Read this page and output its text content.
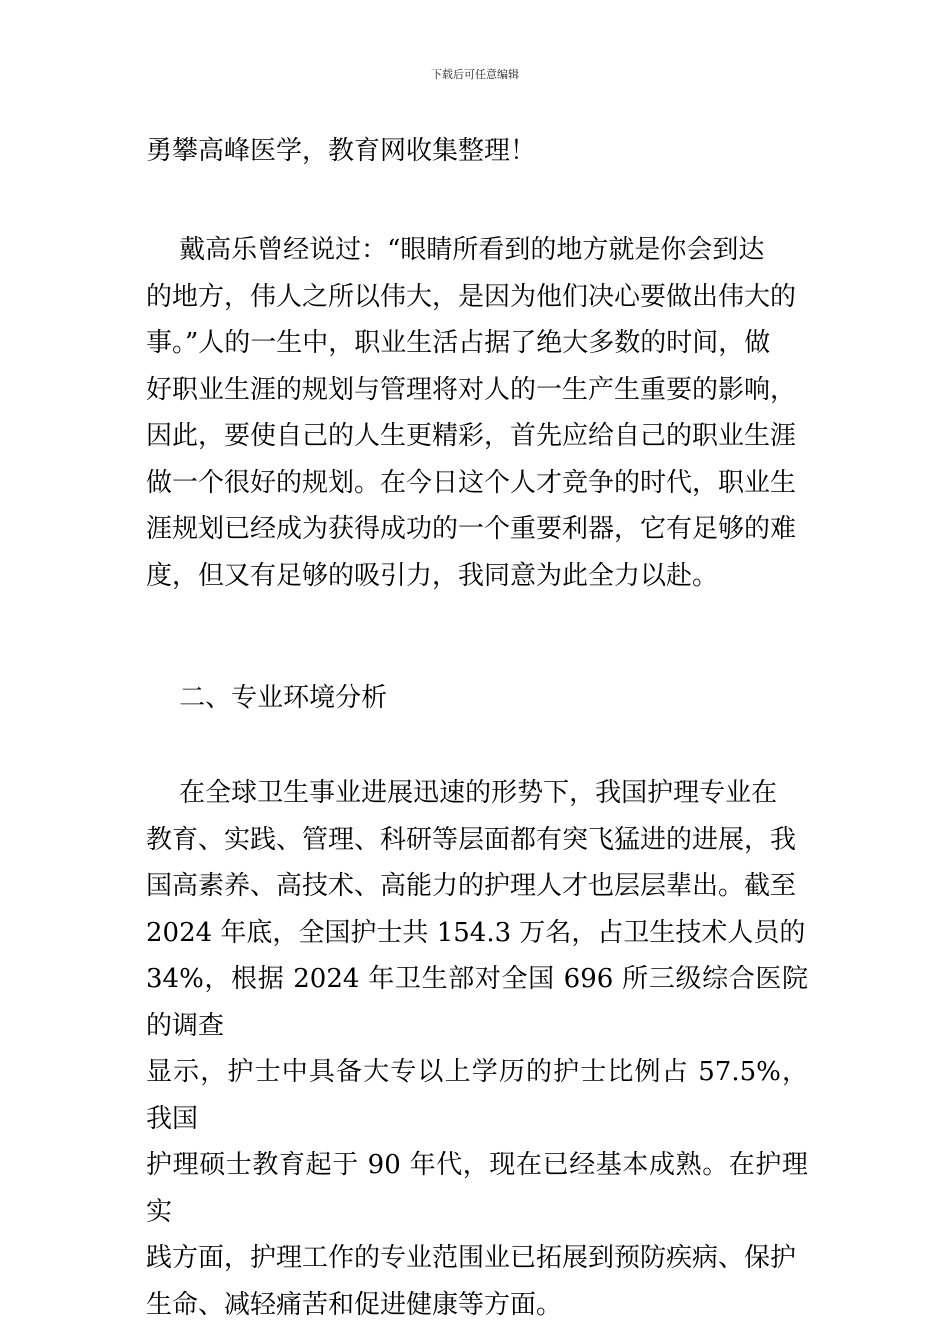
下载后可任意编辑

勇攀高峰医学，教育网收集整理！

戴高乐曾经说过：“眼睛所看到的地方就是你会到达
的地方，伟人之所以伟大，是因为他们决心要做出伟大的
事。”人的一生中，职业生活占据了绝大多数的时间，做
好职业生涯的规划与管理将对人的一生产生重要的影响，
因此，要使自己的人生更精彩，首先应给自己的职业生涯
做一个很好的规划。在今日这个人才竞争的时代，职业生
涯规划已经成为获得成功的一个重要利器，它有足够的难
度，但又有足够的吸引力，我同意为此全力以赴。

二、专业环境分析

在全球卫生事业进展迅速的形势下，我国护理专业在
教育、实践、管理、科研等层面都有突飞猛进的进展，我
国高素养、高技术、高能力的护理人才也层层辈出。截至
2024 年底，全国护士共 154.3 万名，占卫生技术人员的
34%，根据 2024 年卫生部对全国 696 所三级综合医院的调查
显示，护士中具备大专以上学历的护士比例占 57.5%，我国
护理硕士教育起于 90 年代，现在已经基本成熟。在护理实
践方面，护理工作的专业范围业已拓展到预防疾病、保护
生命、减轻痛苦和促进健康等方面。
